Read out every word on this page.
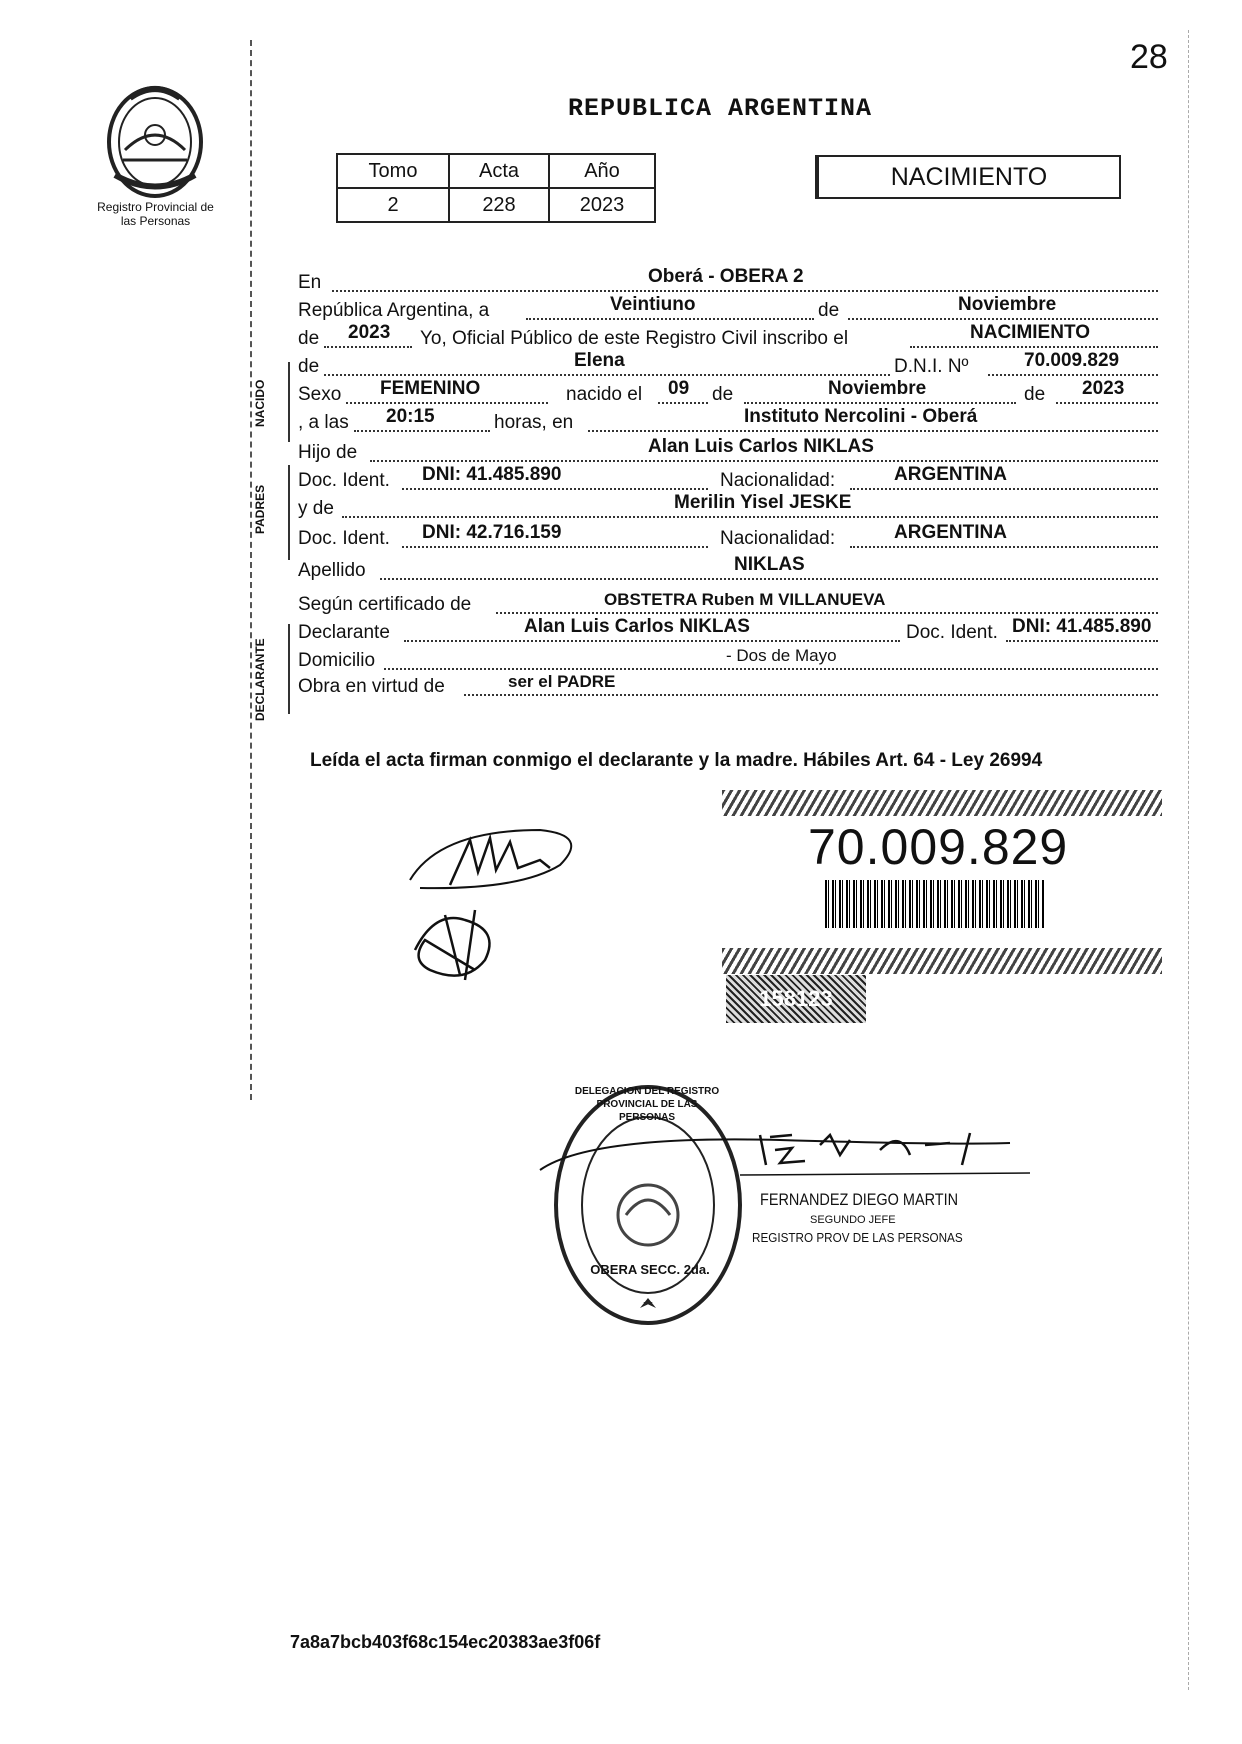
28
Registro Provincial de las Personas
REPUBLICA ARGENTINA
Tomo	Acta	Año
2	228	2023
NACIMIENTO
NACIDO
PADRES
DECLARANTE
En	Oberá - OBERA 2
República Argentina, a	Veintiuno	de	Noviembre
de 2023 Yo, Oficial Público de este Registro Civil inscribo el	NACIMIENTO
de	Elena	D.N.I. Nº	70.009.829
Sexo FEMENINO	nacido el 09 de	Noviembre	de 2023
, a las 20:15	horas, en	Instituto Nercolini - Oberá
Hijo de	Alan Luis Carlos NIKLAS
Doc. Ident. DNI: 41.485.890	Nacionalidad:	ARGENTINA
y de	Merilin Yisel JESKE
Doc. Ident. DNI: 42.716.159	Nacionalidad:	ARGENTINA
Apellido	NIKLAS
Según certificado de	OBSTETRA Ruben M VILLANUEVA
Declarante	Alan Luis Carlos NIKLAS	Doc. Ident. DNI: 41.485.890
Domicilio	- Dos de Mayo
Obra en virtud de	ser el PADRE
Leída el acta firman conmigo el declarante y la madre. Hábiles Art. 64 - Ley 26994
70.009.829
158123
DELEGACION DEL REGISTRO PROVINCIAL DE LAS PERSONAS
OBERA SECC. 2da.
FERNANDEZ DIEGO MARTIN
SEGUNDO JEFE
REGISTRO PROV DE LAS PERSONAS
7a8a7bcb403f68c154ec20383ae3f06f
